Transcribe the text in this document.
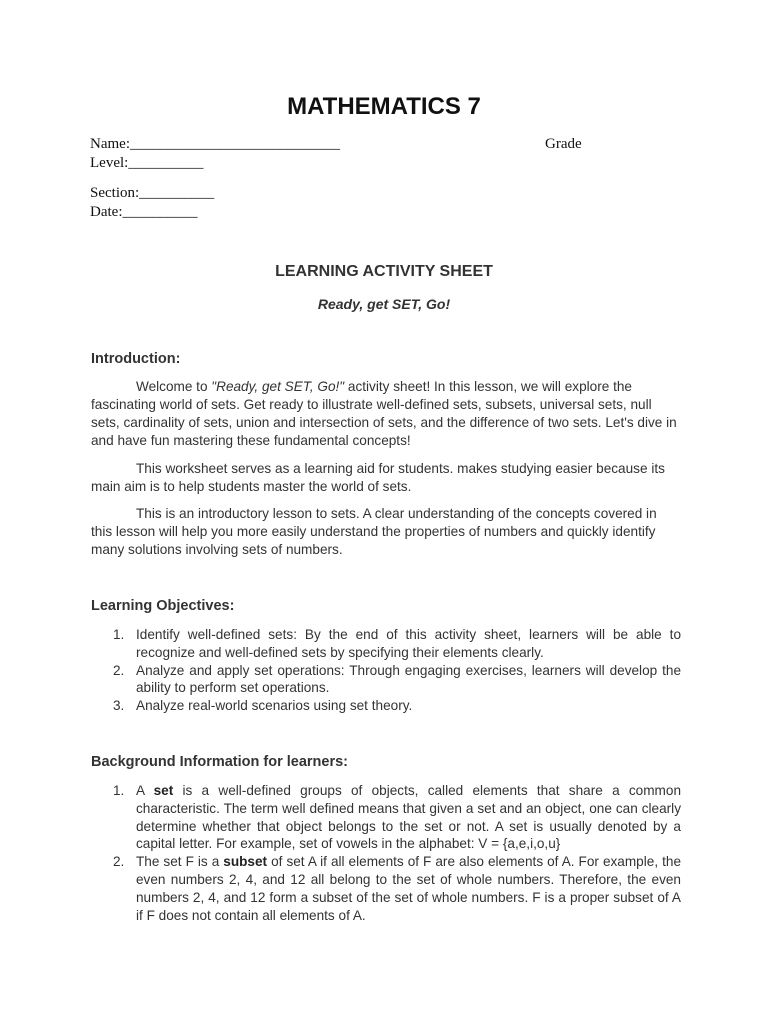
MATHEMATICS 7
Name:____________________________	Grade
Level:__________
Section:__________
Date:__________
LEARNING ACTIVITY SHEET
Ready, get SET, Go!
Introduction:

Welcome to "Ready, get SET, Go!" activity sheet! In this lesson, we will explore the fascinating world of sets. Get ready to illustrate well-defined sets, subsets, universal sets, null sets, cardinality of sets, union and intersection of sets, and the difference of two sets. Let's dive in and have fun mastering these fundamental concepts!

This worksheet serves as a learning aid for students. makes studying easier because its main aim is to help students master the world of sets.

This is an introductory lesson to sets. A clear understanding of the concepts covered in this lesson will help you more easily understand the properties of numbers and quickly identify many solutions involving sets of numbers.

Learning Objectives:
1. Identify well-defined sets: By the end of this activity sheet, learners will be able to recognize and well-defined sets by specifying their elements clearly.
2. Analyze and apply set operations: Through engaging exercises, learners will develop the ability to perform set operations.
3. Analyze real-world scenarios using set theory.
Background Information for learners:
1. A set is a well-defined groups of objects, called elements that share a common characteristic. The term well defined means that given a set and an object, one can clearly determine whether that object belongs to the set or not. A set is usually denoted by a capital letter. For example, set of vowels in the alphabet: V = {a,e,i,o,u}
2. The set F is a subset of set A if all elements of F are also elements of A. For example, the even numbers 2, 4, and 12 all belong to the set of whole numbers. Therefore, the even numbers 2, 4, and 12 form a subset of the set of whole numbers. F is a proper subset of A if F does not contain all elements of A.
